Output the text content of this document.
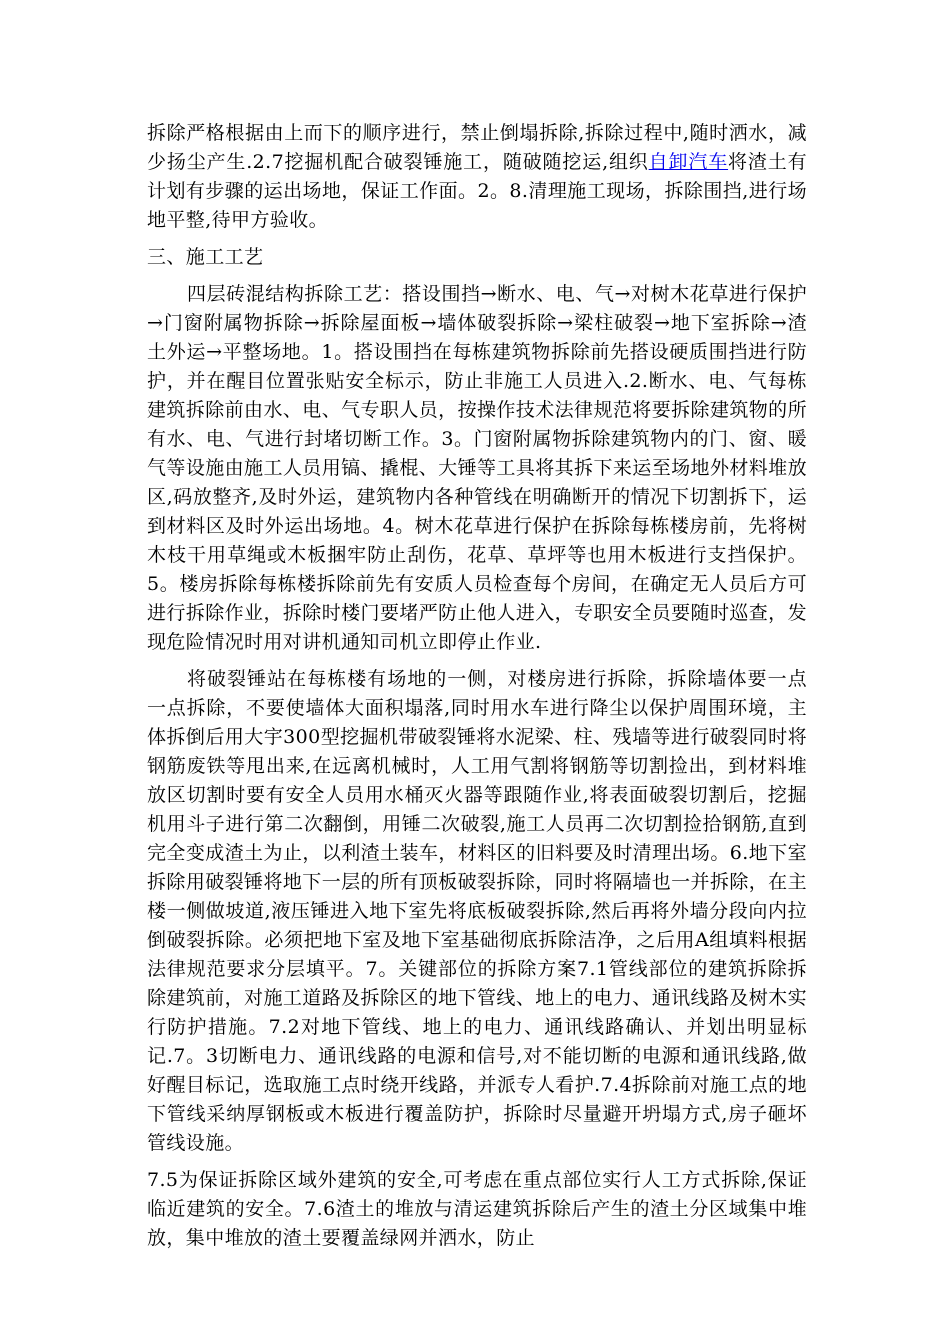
拆除严格根据由上而下的顺序进行，禁止倒塌拆除,拆除过程中,随时洒水，减少扬尘产生.2.7挖掘机配合破裂锤施工，随破随挖运,组织自卸汽车将渣土有计划有步骤的运出场地，保证工作面。2。8.清理施工现场，拆除围挡,进行场地平整,待甲方验收。

三、施工工艺

四层砖混结构拆除工艺：搭设围挡→断水、电、气→对树木花草进行保护→门窗附属物拆除→拆除屋面板→墙体破裂拆除→梁柱破裂→地下室拆除→渣土外运→平整场地。1。搭设围挡在每栋建筑物拆除前先搭设硬质围挡进行防护，并在醒目位置张贴安全标示，防止非施工人员进入.2.断水、电、气每栋建筑拆除前由水、电、气专职人员，按操作技术法律规范将要拆除建筑物的所有水、电、气进行封堵切断工作。3。门窗附属物拆除建筑物内的门、窗、暖气等设施由施工人员用镐、撬棍、大锤等工具将其拆下来运至场地外材料堆放区,码放整齐,及时外运，建筑物内各种管线在明确断开的情况下切割拆下，运到材料区及时外运出场地。4。树木花草进行保护在拆除每栋楼房前，先将树木枝干用草绳或木板捆牢防止刮伤，花草、草坪等也用木板进行支挡保护。5。楼房拆除每栋楼拆除前先有安质人员检查每个房间，在确定无人员后方可进行拆除作业，拆除时楼门要堵严防止他人进入，专职安全员要随时巡查，发现危险情况时用对讲机通知司机立即停止作业.

将破裂锤站在每栋楼有场地的一侧，对楼房进行拆除，拆除墙体要一点一点拆除，不要使墙体大面积塌落,同时用水车进行降尘以保护周围环境，主体拆倒后用大宇300型挖掘机带破裂锤将水泥梁、柱、残墙等进行破裂同时将钢筋废铁等甩出来,在远离机械时，人工用气割将钢筋等切割捡出，到材料堆放区切割时要有安全人员用水桶灭火器等跟随作业,将表面破裂切割后，挖掘机用斗子进行第二次翻倒，用锤二次破裂,施工人员再二次切割捡拾钢筋,直到完全变成渣土为止，以利渣土装车，材料区的旧料要及时清理出场。6.地下室拆除用破裂锤将地下一层的所有顶板破裂拆除，同时将隔墙也一并拆除，在主楼一侧做坡道,液压锤进入地下室先将底板破裂拆除,然后再将外墙分段向内拉倒破裂拆除。必须把地下室及地下室基础彻底拆除洁净，之后用A组填料根据法律规范要求分层填平。7。关键部位的拆除方案7.1管线部位的建筑拆除拆除建筑前，对施工道路及拆除区的地下管线、地上的电力、通讯线路及树木实行防护措施。7.2对地下管线、地上的电力、通讯线路确认、并划出明显标记.7。3切断电力、通讯线路的电源和信号,对不能切断的电源和通讯线路,做好醒目标记，选取施工点时绕开线路，并派专人看护.7.4拆除前对施工点的地下管线采纳厚钢板或木板进行覆盖防护，拆除时尽量避开坍塌方式,房子砸坏管线设施。

7.5为保证拆除区域外建筑的安全,可考虑在重点部位实行人工方式拆除,保证临近建筑的安全。7.6渣土的堆放与清运建筑拆除后产生的渣土分区域集中堆放，集中堆放的渣土要覆盖绿网并洒水，防止
